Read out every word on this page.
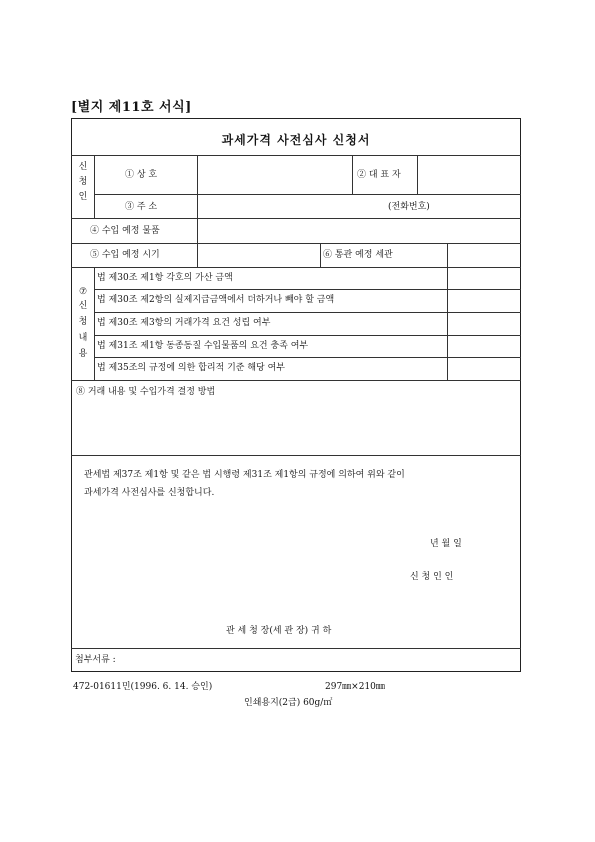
[별지 제11호 서식]
과세가격 사전심사 신청서
신
청
인
① 상 호	② 대 표 자
③ 주 소	(전화번호)
④ 수입 예정 물품
⑤ 수입 예정 시기	⑥ 통관 예정 세관
⑦
신
청
내
용
법 제30조 제1항 각호의 가산 금액
법 제30조 제2항의 실제지급금액에서 더하거나 빼야 할 금액
법 제30조 제3항의 거래가격 요건 성립 여부
법 제31조 제1항 동종동질 수입물품의 요건 충족 여부
법 제35조의 규정에 의한 합리적 기준 해당 여부
⑧ 거래 내용 및 수입가격 결정 방법
관세법 제37조 제1항 및 같은 법 시행령 제31조 제1항의 규정에 의하여 위와 같이
과세가격 사전심사를 신청합니다.
년 월 일
신 청 인 인
관 세 청 장(세 관 장) 귀 하
첨부서류 :
472-01611민(1996. 6. 14. 승인)	297㎜×210㎜
인쇄용지(2급) 60g/㎡
